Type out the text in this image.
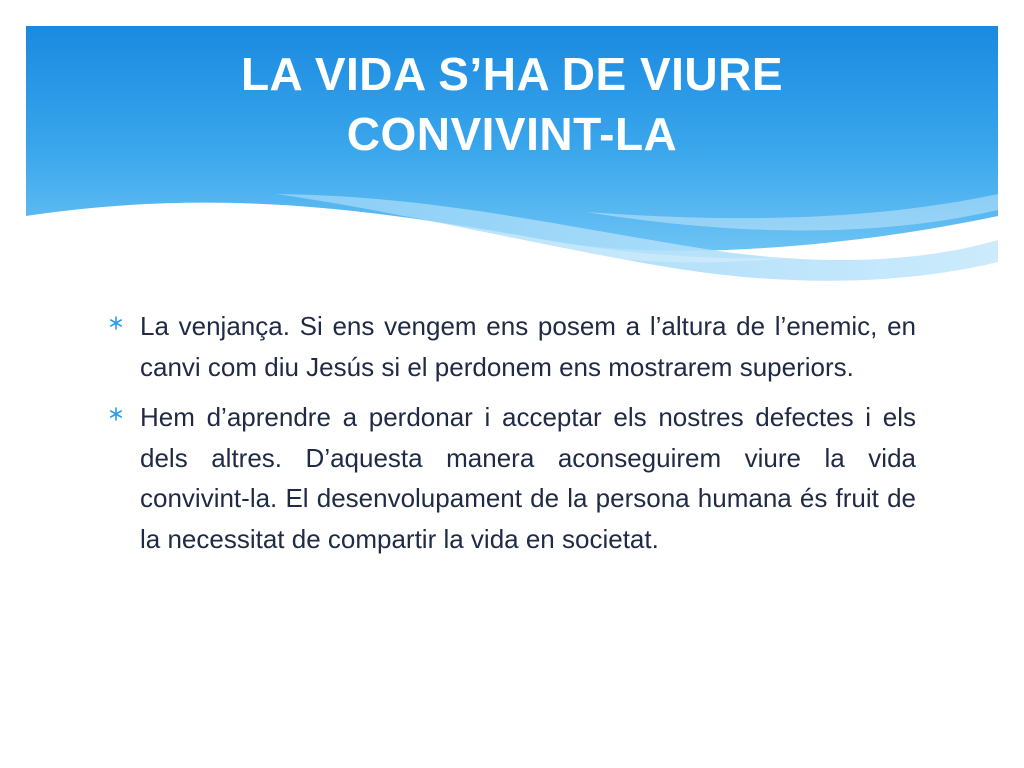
LA VIDA S’HA DE VIURE
CONVIVINT-LA
La venjança. Si ens vengem ens posem a l’altura de l’enemic, en canvi com diu Jesús si el perdonem ens mostrarem superiors.
Hem d’aprendre a perdonar i acceptar els nostres defectes i els dels altres. D’aquesta manera aconseguirem viure la vida convivint-la. El desenvolupament de la persona humana és fruit de la necessitat de compartir la vida en societat.
